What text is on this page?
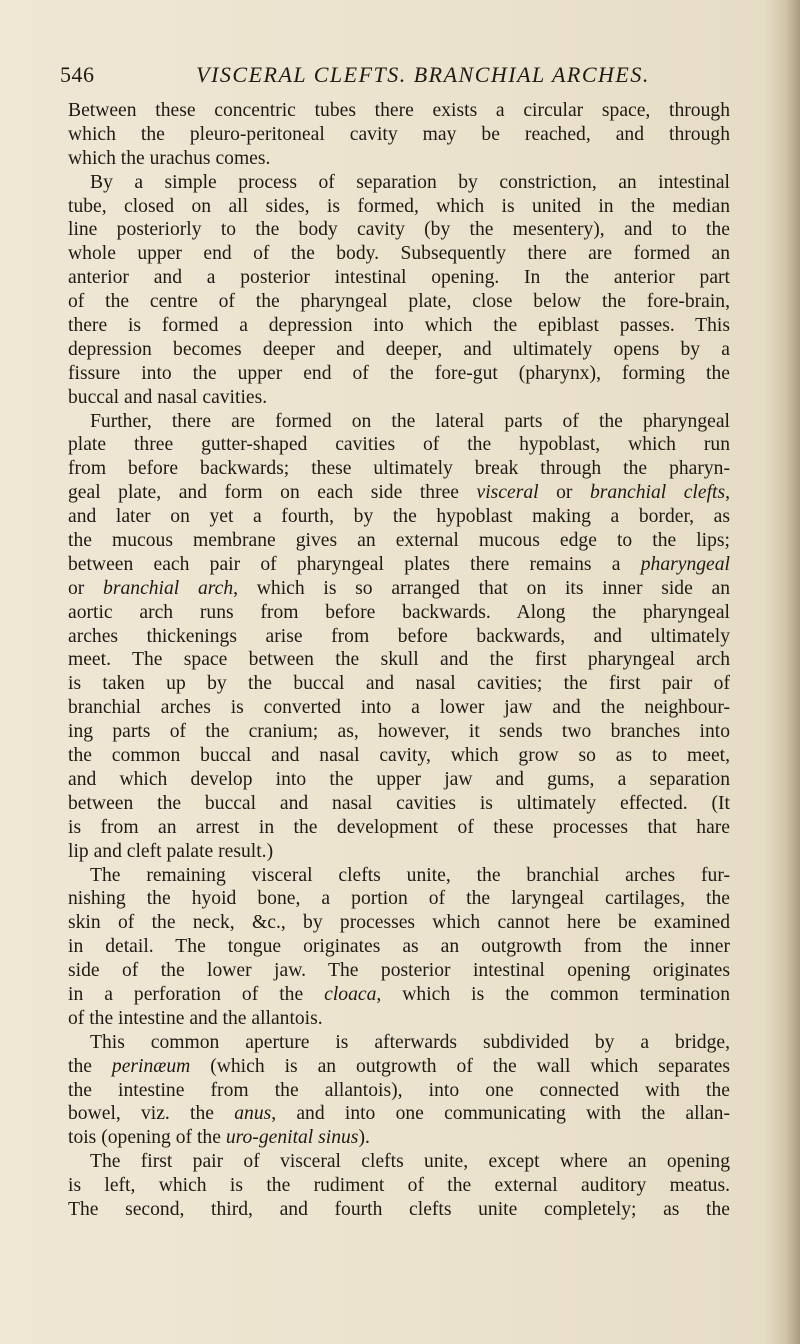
546	VISCERAL CLEFTS. BRANCHIAL ARCHES.
Between these concentric tubes there exists a circular space, through
which the pleuro-peritoneal cavity may be reached, and through
which the urachus comes.
By a simple process of separation by constriction, an intestinal
tube, closed on all sides, is formed, which is united in the median
line posteriorly to the body cavity (by the mesentery), and to the
whole upper end of the body. Subsequently there are formed an
anterior and a posterior intestinal opening. In the anterior part
of the centre of the pharyngeal plate, close below the fore-brain,
there is formed a depression into which the epiblast passes. This
depression becomes deeper and deeper, and ultimately opens by a
fissure into the upper end of the fore-gut (pharynx), forming the
buccal and nasal cavities.
Further, there are formed on the lateral parts of the pharyngeal
plate three gutter-shaped cavities of the hypoblast, which run
from before backwards; these ultimately break through the pharyn-
geal plate, and form on each side three visceral or branchial clefts,
and later on yet a fourth, by the hypoblast making a border, as
the mucous membrane gives an external mucous edge to the lips;
between each pair of pharyngeal plates there remains a pharyngeal
or branchial arch, which is so arranged that on its inner side an
aortic arch runs from before backwards. Along the pharyngeal
arches thickenings arise from before backwards, and ultimately
meet. The space between the skull and the first pharyngeal arch
is taken up by the buccal and nasal cavities; the first pair of
branchial arches is converted into a lower jaw and the neighbour-
ing parts of the cranium; as, however, it sends two branches into
the common buccal and nasal cavity, which grow so as to meet,
and which develop into the upper jaw and gums, a separation
between the buccal and nasal cavities is ultimately effected. (It
is from an arrest in the development of these processes that hare
lip and cleft palate result.)
The remaining visceral clefts unite, the branchial arches fur-
nishing the hyoid bone, a portion of the laryngeal cartilages, the
skin of the neck, &c., by processes which cannot here be examined
in detail. The tongue originates as an outgrowth from the inner
side of the lower jaw. The posterior intestinal opening originates
in a perforation of the cloaca, which is the common termination
of the intestine and the allantois.
This common aperture is afterwards subdivided by a bridge,
the perinæum (which is an outgrowth of the wall which separates
the intestine from the allantois), into one connected with the
bowel, viz. the anus, and into one communicating with the allan-
tois (opening of the uro-genital sinus).
The first pair of visceral clefts unite, except where an opening
is left, which is the rudiment of the external auditory meatus.
The second, third, and fourth clefts unite completely; as the
